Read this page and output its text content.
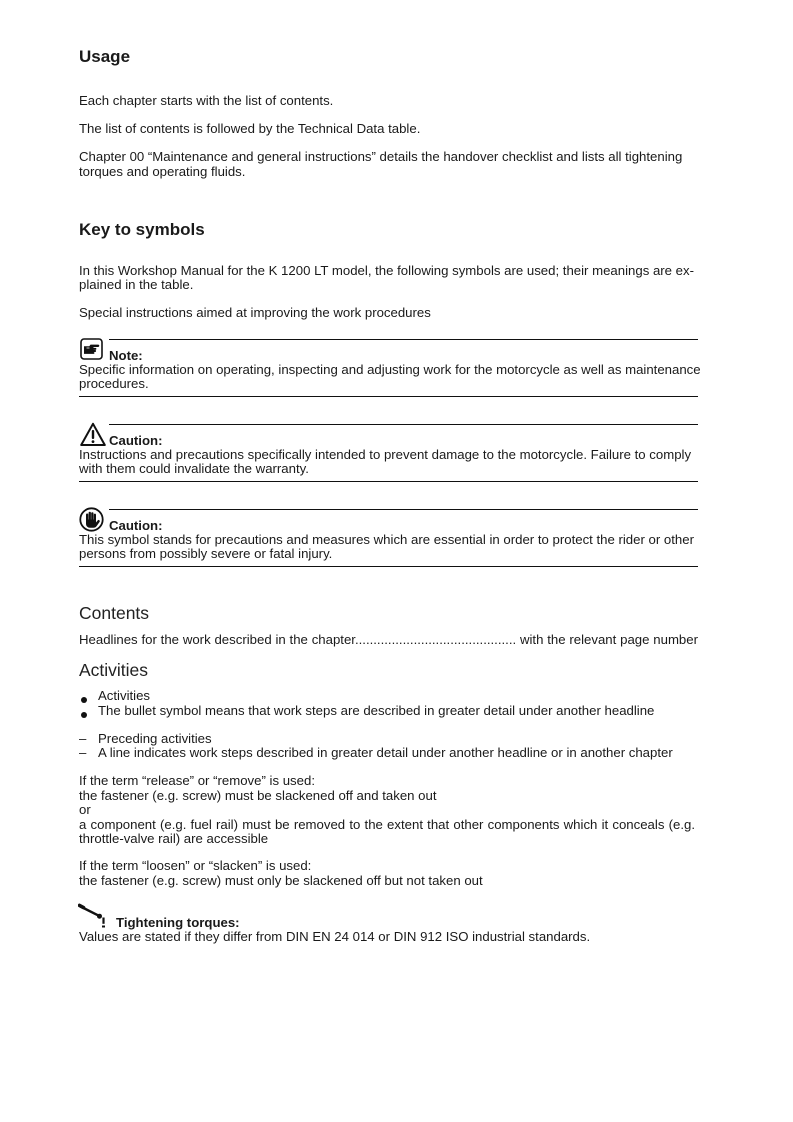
Usage
Each chapter starts with the list of contents.
The list of contents is followed by the Technical Data table.
Chapter 00 “Maintenance and general instructions” details the handover checklist and lists all tightening
torques and operating fluids.
Key to symbols
In this Workshop Manual for the K 1200 LT model, the following symbols are used; their meanings are ex-
plained in the table.
Special instructions aimed at improving the work procedures
Note:
Specific information on operating, inspecting and adjusting work for the motorcycle as well as maintenance
procedures.
Caution:
Instructions and precautions specifically intended to prevent damage to the motorcycle. Failure to comply
with them could invalidate the warranty.
Caution:
This symbol stands for precautions and measures which are essential in order to protect the rider or other
persons from possibly severe or fatal injury.
Contents
Headlines for the work described in the chapter............................................ with the relevant page number
Activities
Activities
The bullet symbol means that work steps are described in greater detail under another headline
– Preceding activities
– A line indicates work steps described in greater detail under another headline or in another chapter
If the term “release” or “remove” is used:
the fastener (e.g. screw) must be slackened off and taken out
or
a component (e.g. fuel rail) must be removed to the extent that other components which it conceals (e.g.
throttle-valve rail) are accessible
If the term “loosen” or “slacken” is used:
the fastener (e.g. screw) must only be slackened off but not taken out
Tightening torques:
Values are stated if they differ from DIN EN 24 014 or DIN 912 ISO industrial standards.
